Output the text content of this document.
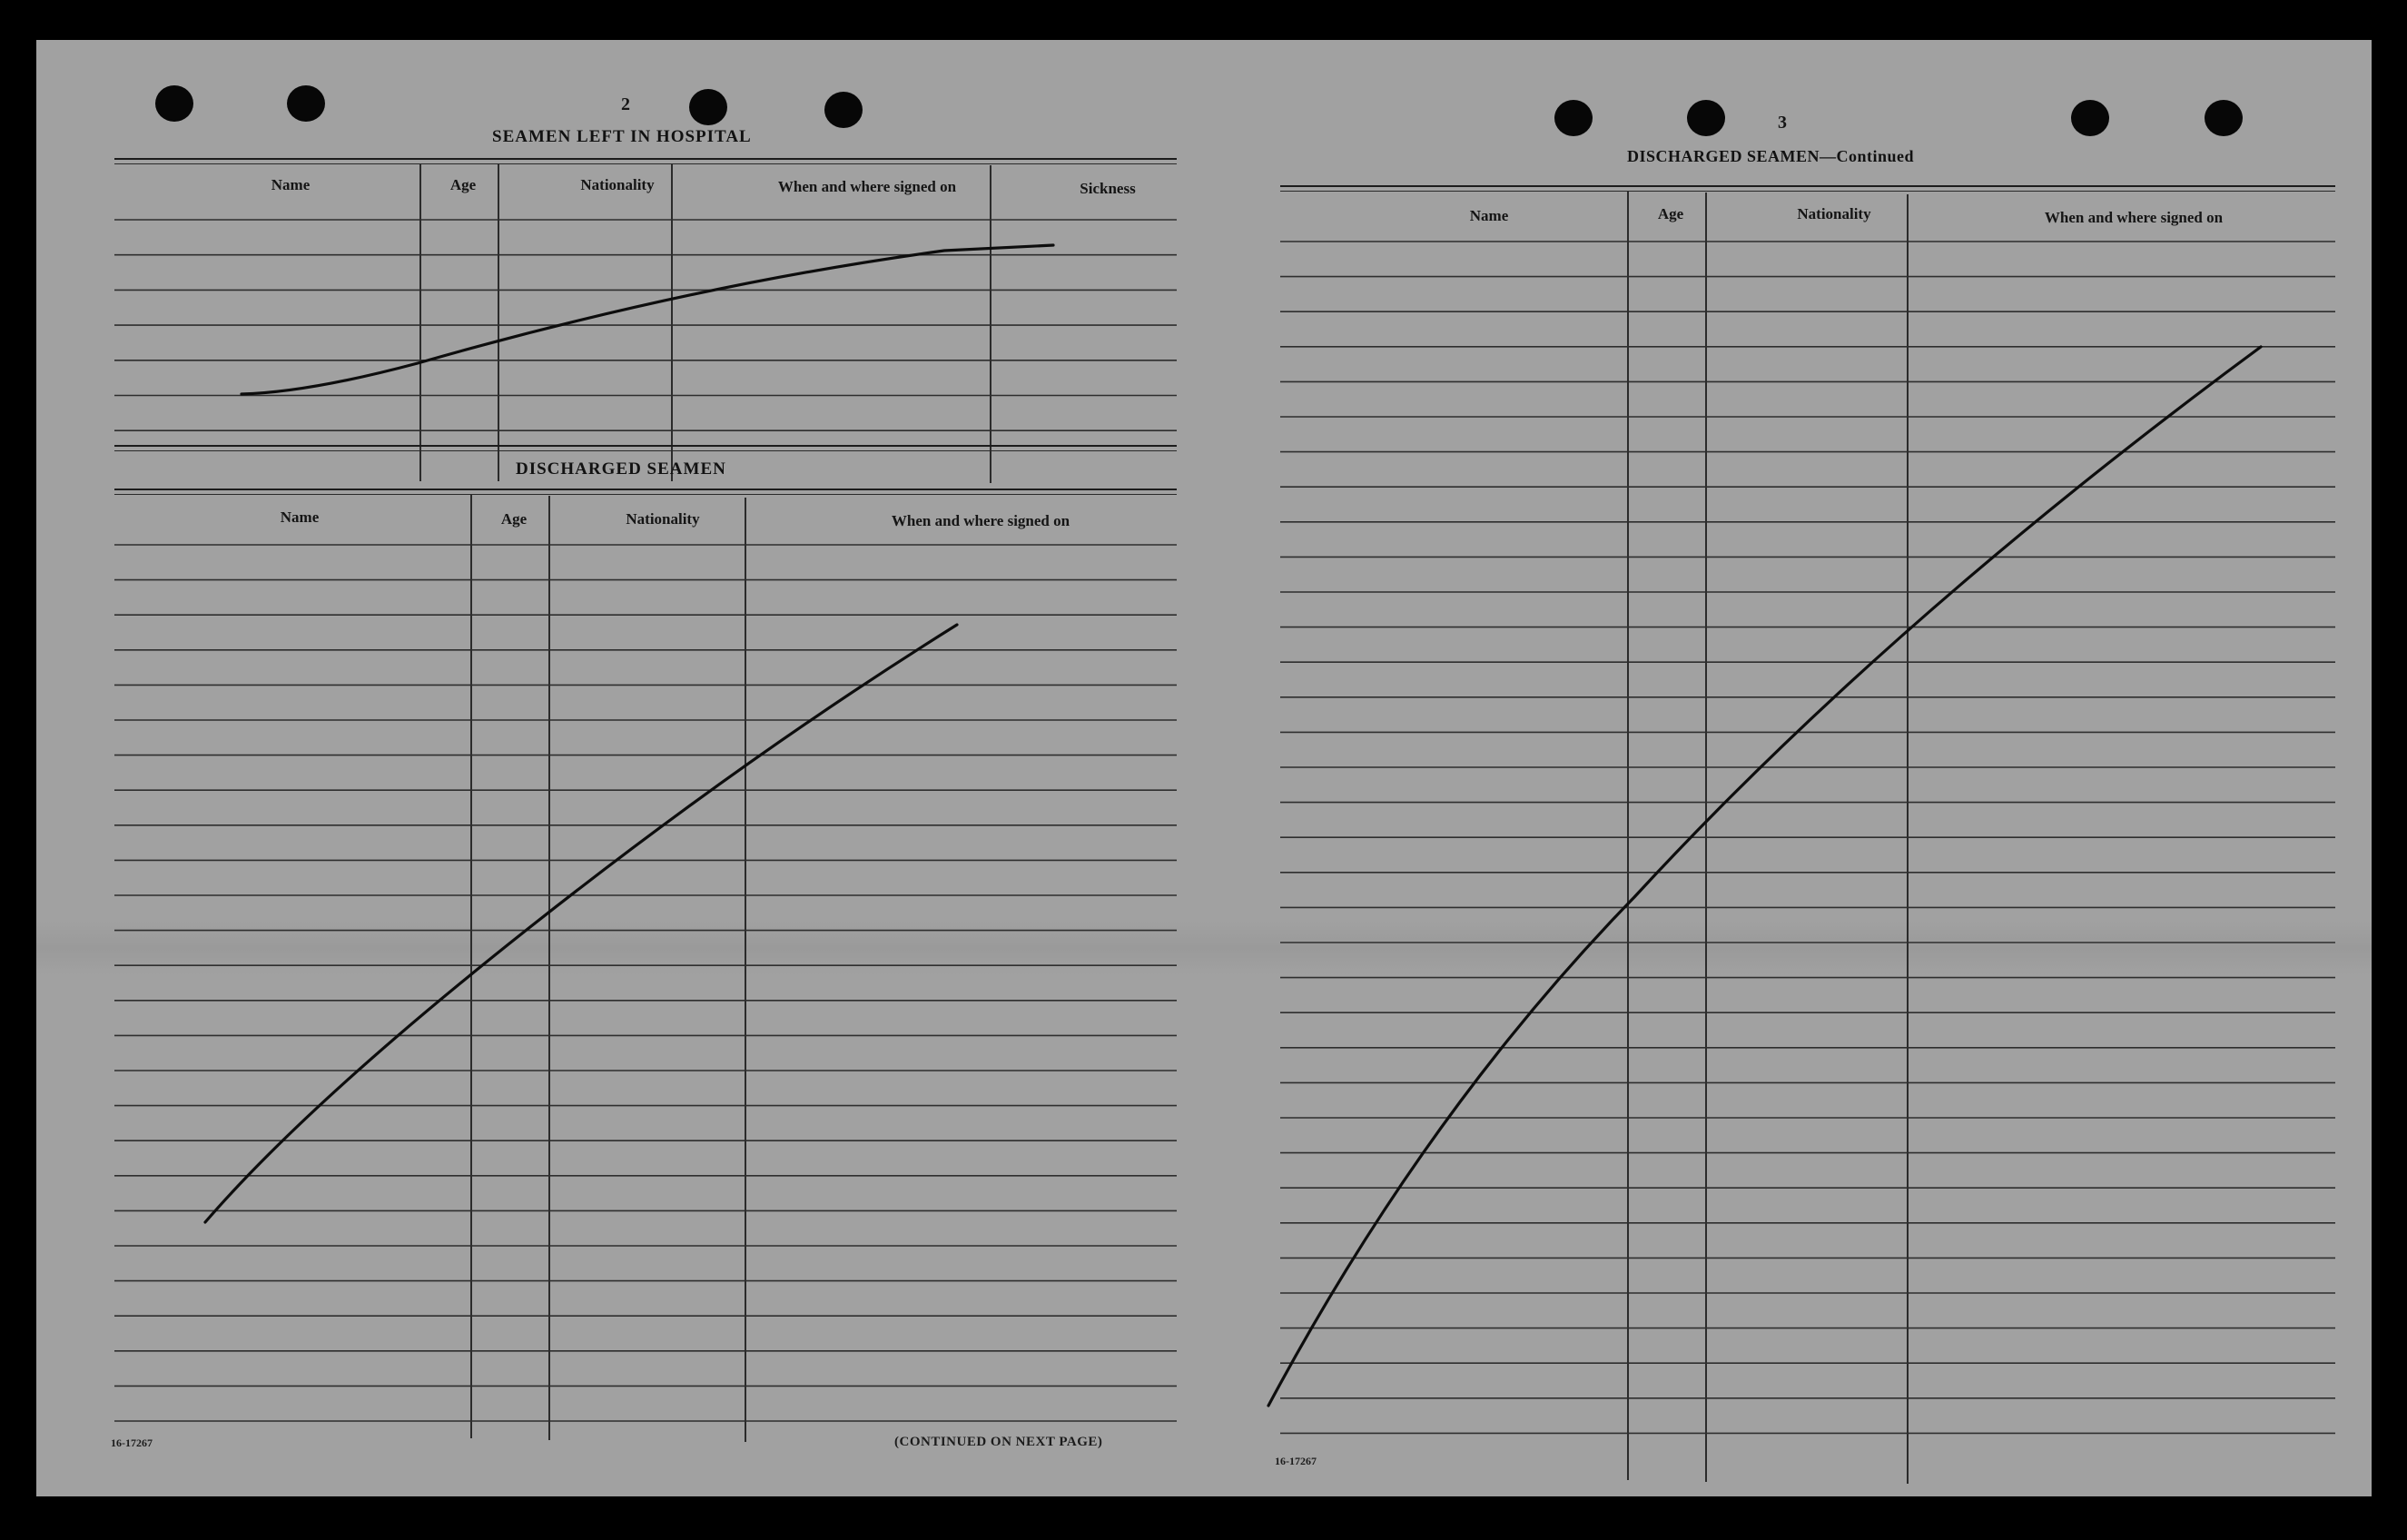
2
SEAMEN LEFT IN HOSPITAL
Name	Age	Nationality	When and where signed on	Sickness
DISCHARGED SEAMEN
Name	Age	Nationality	When and where signed on
16-17267	(CONTINUED ON NEXT PAGE)
3
DISCHARGED SEAMEN—Continued
Name	Age	Nationality	When and where signed on
16-17267
